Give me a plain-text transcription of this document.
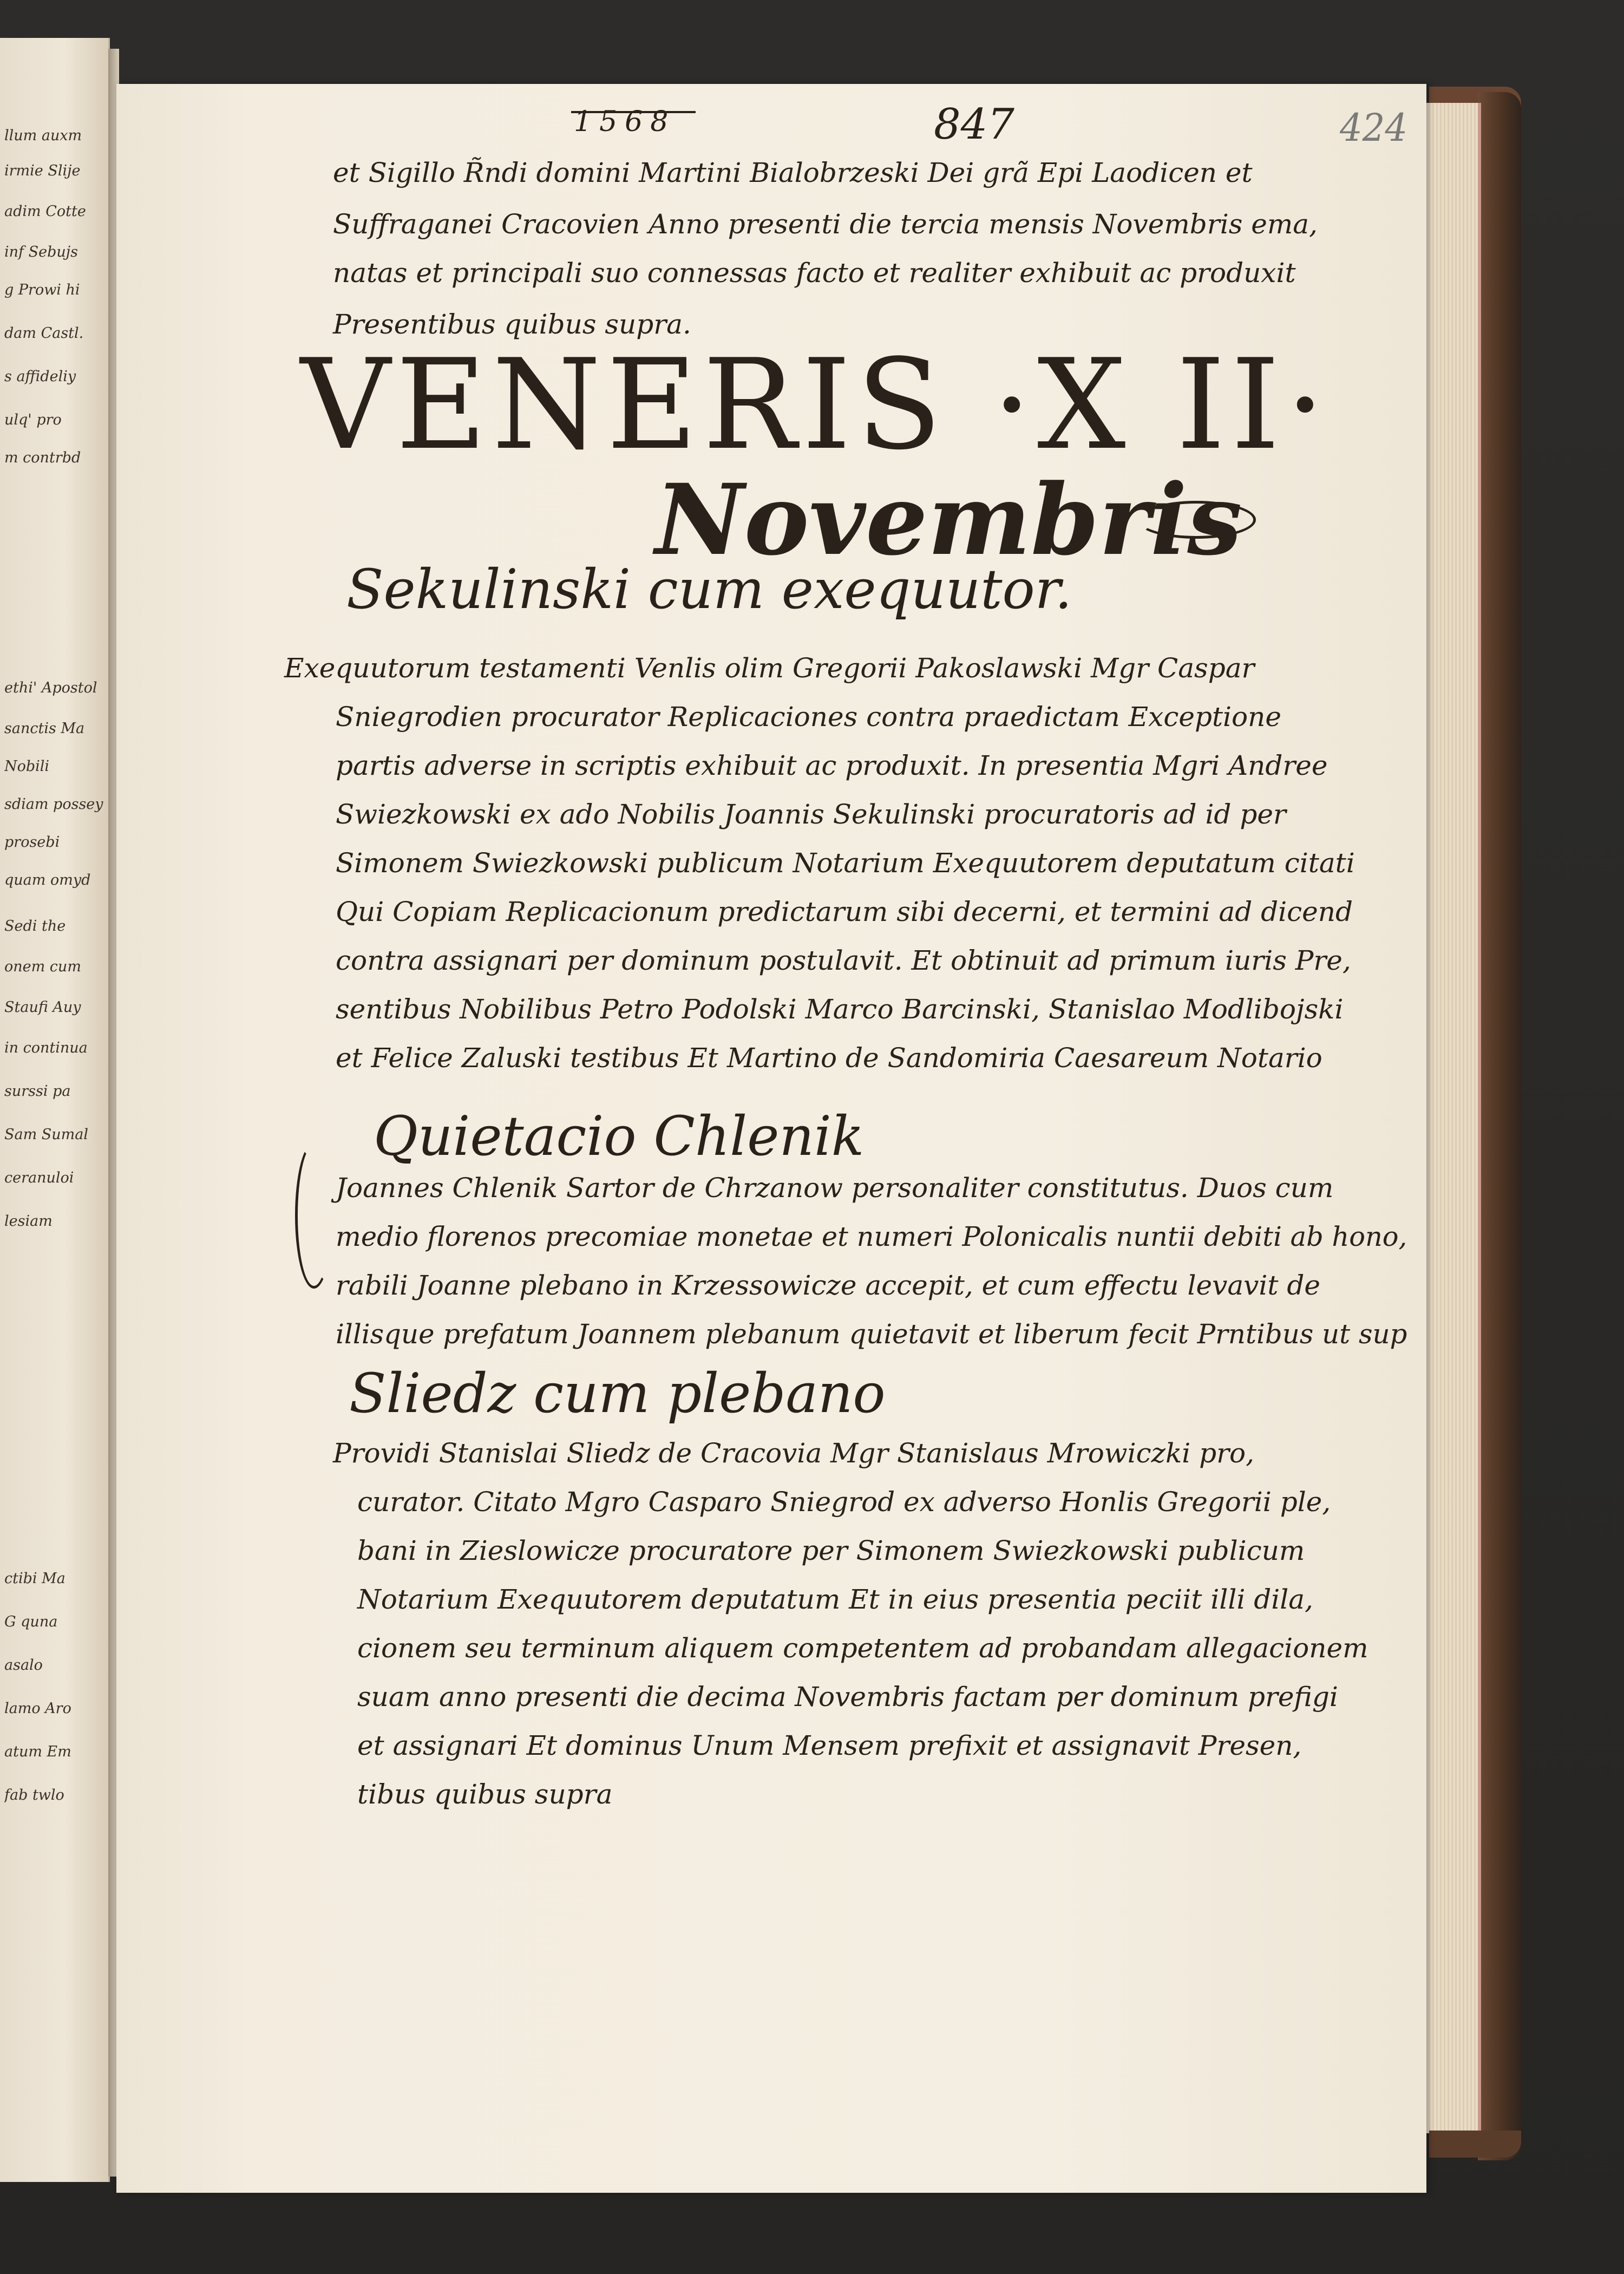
llum auxm
irmie Slije
adim Cotte
inf Sebujs
g Prowi hi
dam Castl.
s affideliy
ulq' pro
m contrbd
ethi' Apostol
sanctis Ma
Nobili
sdiam possey
prosebi
quam omyd
Sedi the
onem cum
Staufi Auy
in continua
surssi pa
Sam Sumal
ceranuloi
lesiam
ctibi Ma
G quna
asalo
lamo Aro
atum Em
fab twlo
1568	847	424
et Sigillo R̃ndi domini Martini Bialobrzeski Dei grã Epi Laodicen et
Suffraganei Cracovien Anno presenti die tercia mensis Novembris ema,
natas et principali suo connessas facto et realiter exhibuit ac produxit
Presentibus quibus supra.
VENERIS ·X II·
Novembris
Sekulinski cum exequutor.
Exequutorum testamenti Venlis olim Gregorii Pakoslawski Mgr Caspar
Sniegrodien procurator Replicaciones contra praedictam Exceptione
partis adverse in scriptis exhibuit ac produxit. In presentia Mgri Andree
Swiezkowski ex ado Nobilis Joannis Sekulinski procuratoris ad id per
Simonem Swiezkowski publicum Notarium Exequutorem deputatum citati
Qui Copiam Replicacionum predictarum sibi decerni, et termini ad dicend
contra assignari per dominum postulavit. Et obtinuit ad primum iuris Pre,
sentibus Nobilibus Petro Podolski Marco Barcinski, Stanislao Modlibojski
et Felice Zaluski testibus Et Martino de Sandomiria Caesareum Notario
Quietacio Chlenik
Joannes Chlenik Sartor de Chrzanow personaliter constitutus. Duos cum
medio florenos precomiae monetae et numeri Polonicalis nuntii debiti ab hono,
rabili Joanne plebano in Krzessowicze accepit, et cum effectu levavit de
illisque prefatum Joannem plebanum quietavit et liberum fecit Prntibus ut sup
Sliedz cum plebano
Providi Stanislai Sliedz de Cracovia Mgr Stanislaus Mrowiczki pro,
curator. Citato Mgro Casparo Sniegrod ex adverso Honlis Gregorii ple,
bani in Zieslowicze procuratore per Simonem Swiezkowski publicum
Notarium Exequutorem deputatum Et in eius presentia peciit illi dila,
cionem seu terminum aliquem competentem ad probandam allegacionem
suam anno presenti die decima Novembris factam per dominum prefigi
et assignari Et dominus Unum Mensem prefixit et assignavit Presen,
tibus quibus supra
